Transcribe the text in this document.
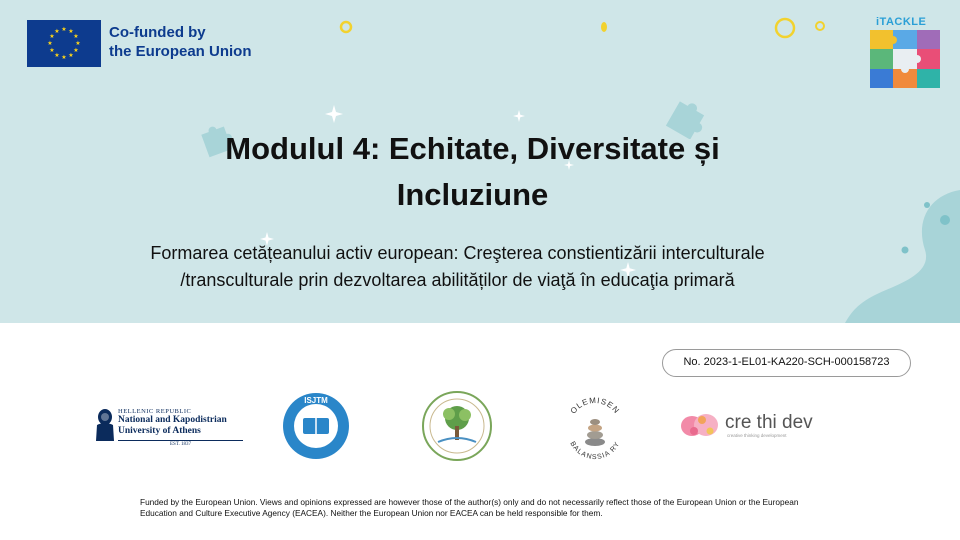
★ ★
★
★
★
★
★
★
★
★
★
★	Co-funded by
the European Union
iTACKLE
Modulul 4: Echitate, Diversitate și
Incluziune
Formarea cetățeanului activ european: Creşterea constientizării interculturale
/transculturale prin dezvoltarea abilităților de viaţă în educaţia primară
No. 2023-1-EL01-KA220-SCH-000158723
HELLENIC REPUBLIC
National and Kapodistrian
University of Athens
EST. 1837
ISJTM
OLEMISEN
BALANSSIA RY
cre thi dev
creative thinking development
Funded by the European Union. Views and opinions expressed are however those of the author(s) only and do not necessarily reflect those of the European Union or the European Education and Culture Executive Agency (EACEA). Neither the European Union nor EACEA can be held responsible for them.
